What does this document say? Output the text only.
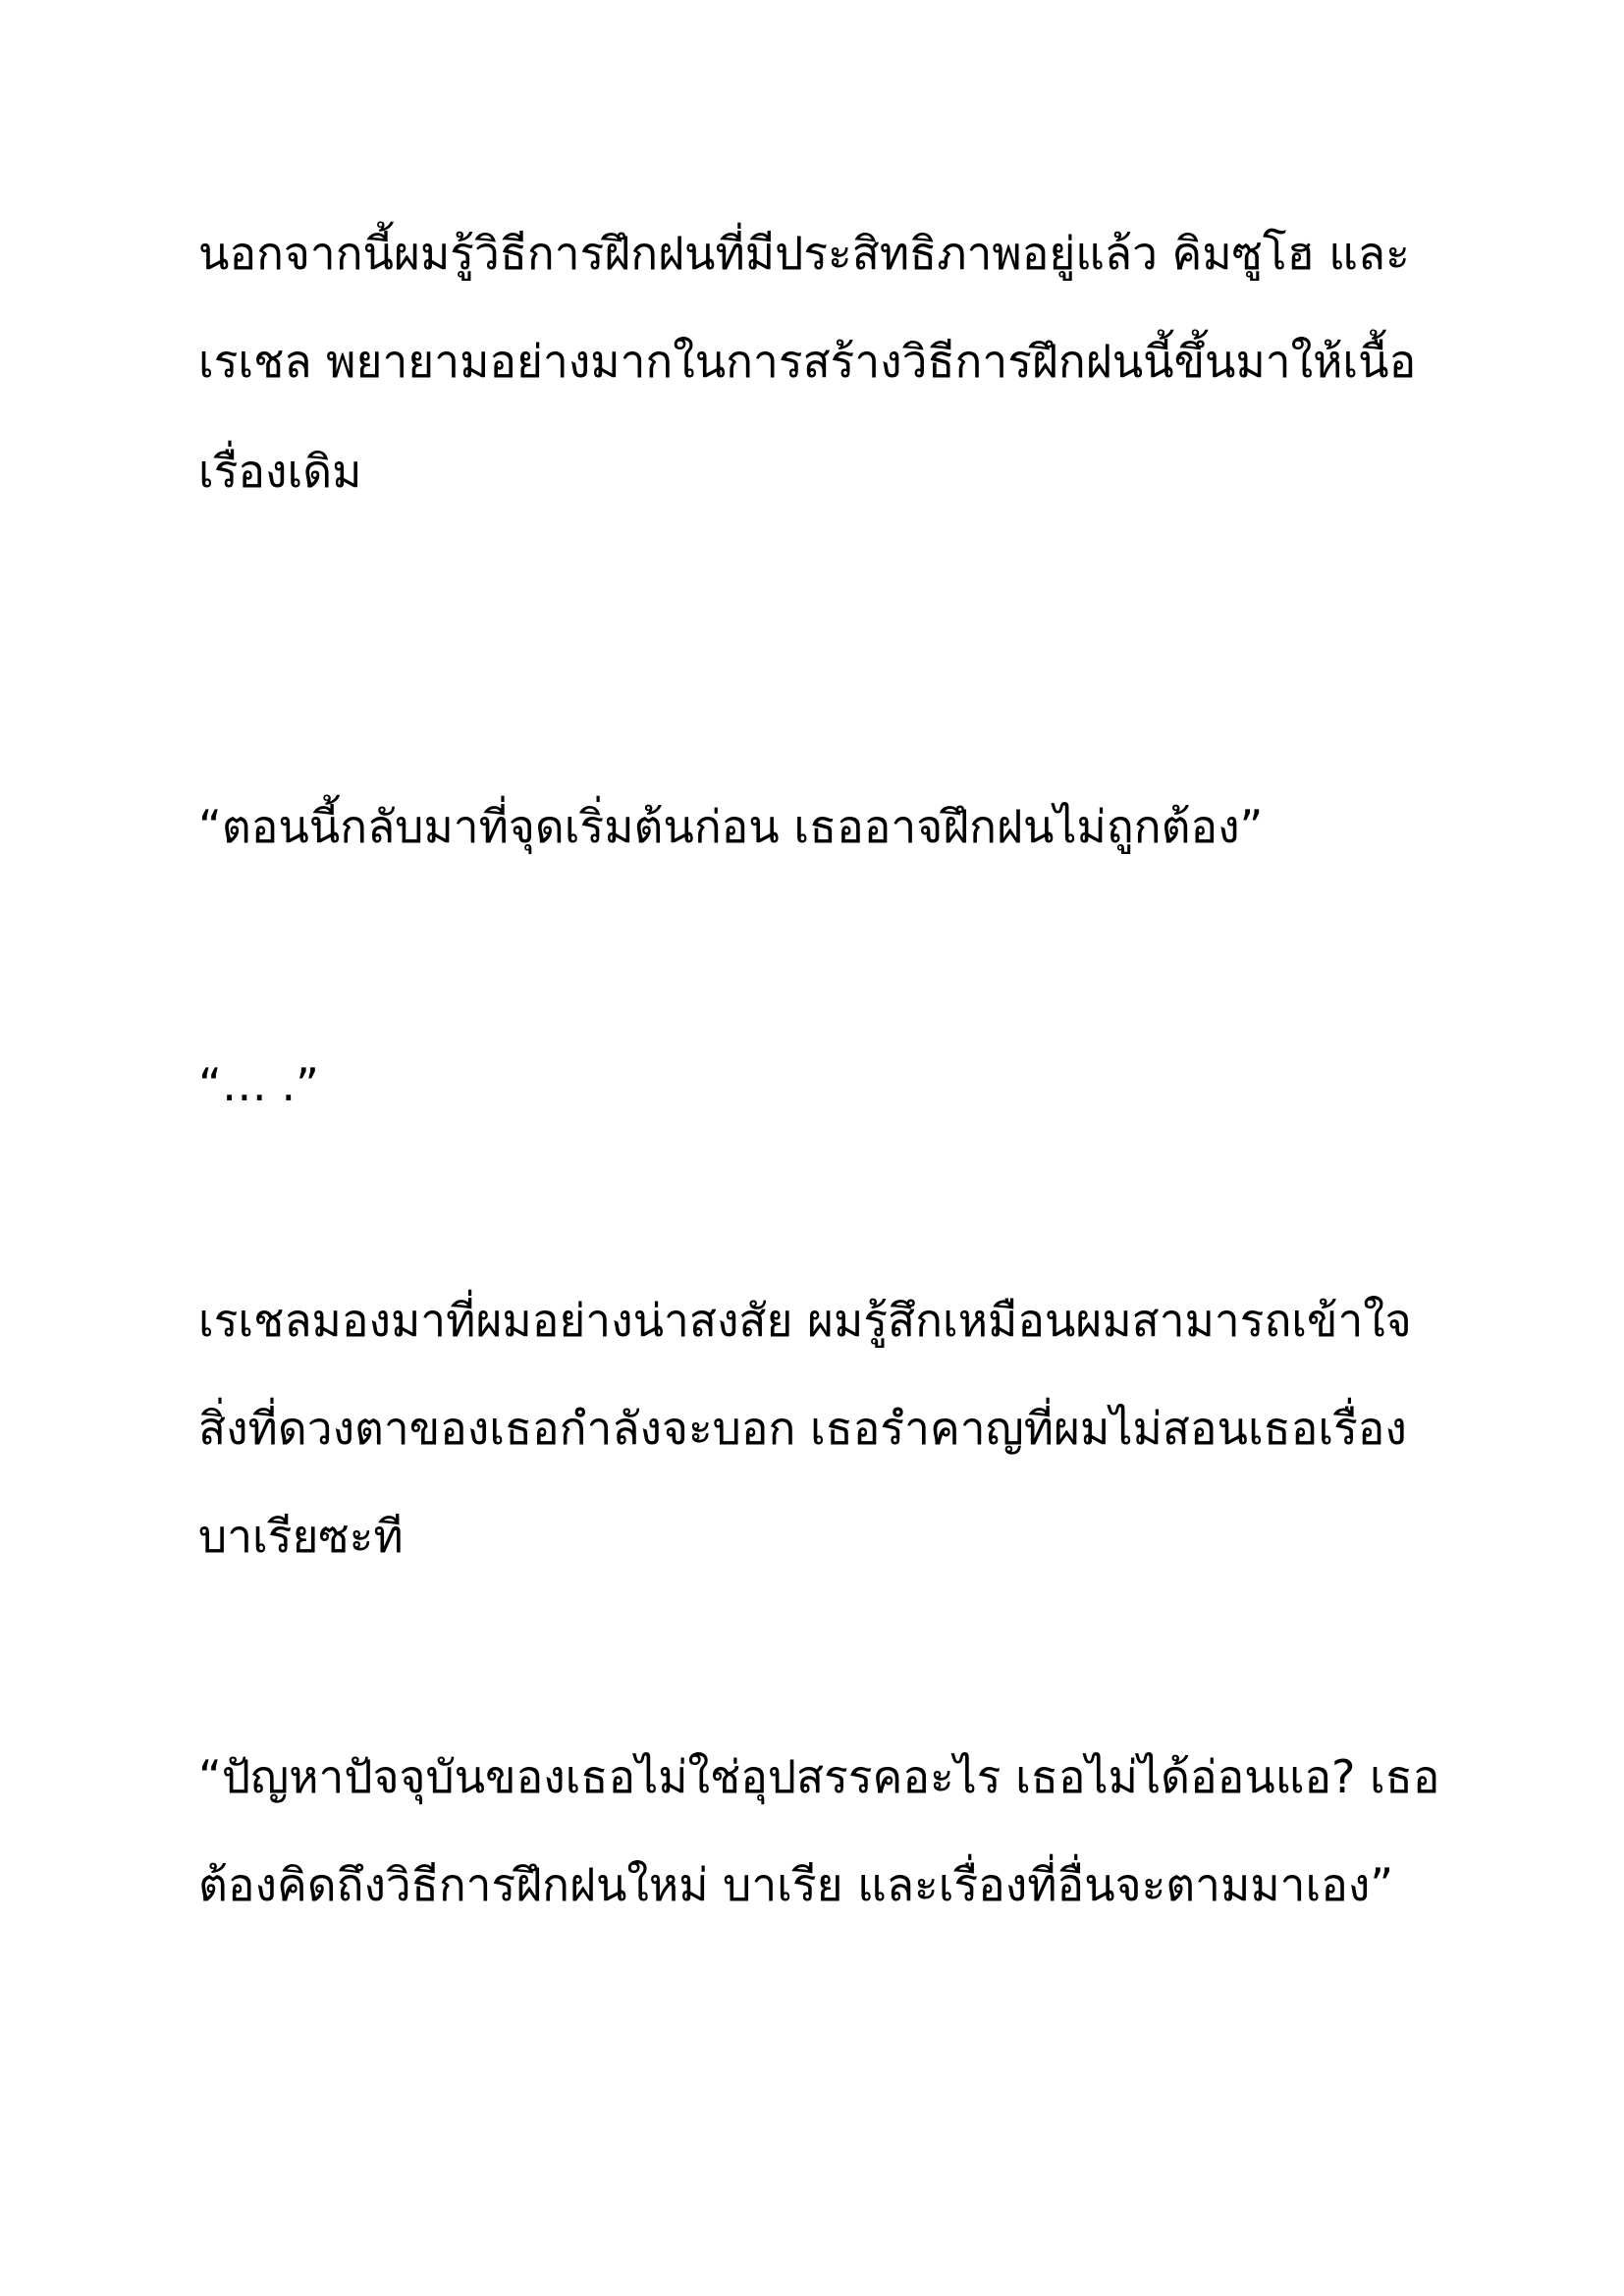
นอกจากนี้ผมรู้วิธีการฝึกฝนที่มีประสิทธิภาพอยู่แล้ว คิมซูโฮ และ
เรเชล พยายามอย่างมากในการสร้างวิธีการฝึกฝนนี้ขึ้นมาให้เนื้อ
เรื่องเดิม
“ตอนนี้กลับมาที่จุดเริ่มต้นก่อน เธออาจฝึกฝนไม่ถูกต้อง”
“… .”
เรเชลมองมาที่ผมอย่างน่าสงสัย ผมรู้สึกเหมือนผมสามารถเข้าใจ
สิ่งที่ดวงตาของเธอกำลังจะบอก เธอรำคาญที่ผมไม่สอนเธอเรื่อง
บาเรียซะที
“ปัญหาปัจจุบันของเธอไม่ใช่อุปสรรคอะไร เธอไม่ได้อ่อนแอ? เธอ
ต้องคิดถึงวิธีการฝึกฝนใหม่ บาเรีย และเรื่องที่อื่นจะตามมาเอง”
